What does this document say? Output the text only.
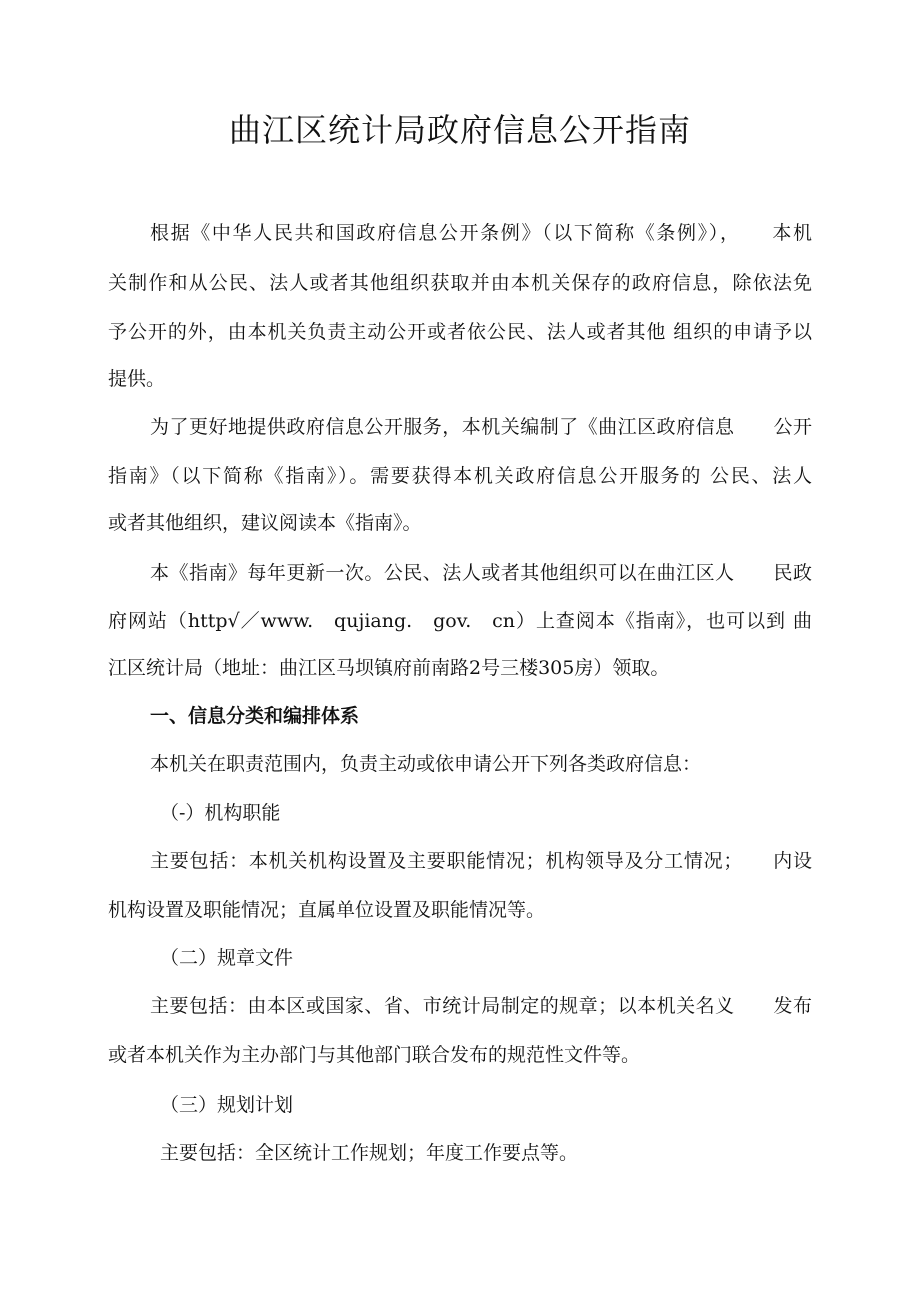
曲江区统计局政府信息公开指南
根据《中华人民共和国政府信息公开条例》（以下简称《条例》），　　本机
关制作和从公民、法人或者其他组织获取并由本机关保存的政府信息，除依法免
予公开的外，由本机关负责主动公开或者依公民、法人或者其他 组织的申请予以
提供。
为了更好地提供政府信息公开服务，本机关编制了《曲江区政府信息　　公开
指南》（以下简称《指南》）。需要获得本机关政府信息公开服务的 公民、法人
或者其他组织，建议阅读本《指南》。
本《指南》每年更新一次。公民、法人或者其他组织可以在曲江区人　　民政
府网站（http√／www.　qujiang.　gov.　cn）上查阅本《指南》，也可以到 曲
江区统计局（地址：曲江区马坝镇府前南路2号三楼305房）领取。
一、信息分类和编排体系
本机关在职责范围内，负责主动或依申请公开下列各类政府信息：
（-）机构职能
主要包括：本机关机构设置及主要职能情况；机构领导及分工情况；　　内设
机构设置及职能情况；直属单位设置及职能情况等。
（二）规章文件
主要包括：由本区或国家、省、市统计局制定的规章；以本机关名义　　发布
或者本机关作为主办部门与其他部门联合发布的规范性文件等。
（三）规划计划
主要包括：全区统计工作规划；年度工作要点等。
